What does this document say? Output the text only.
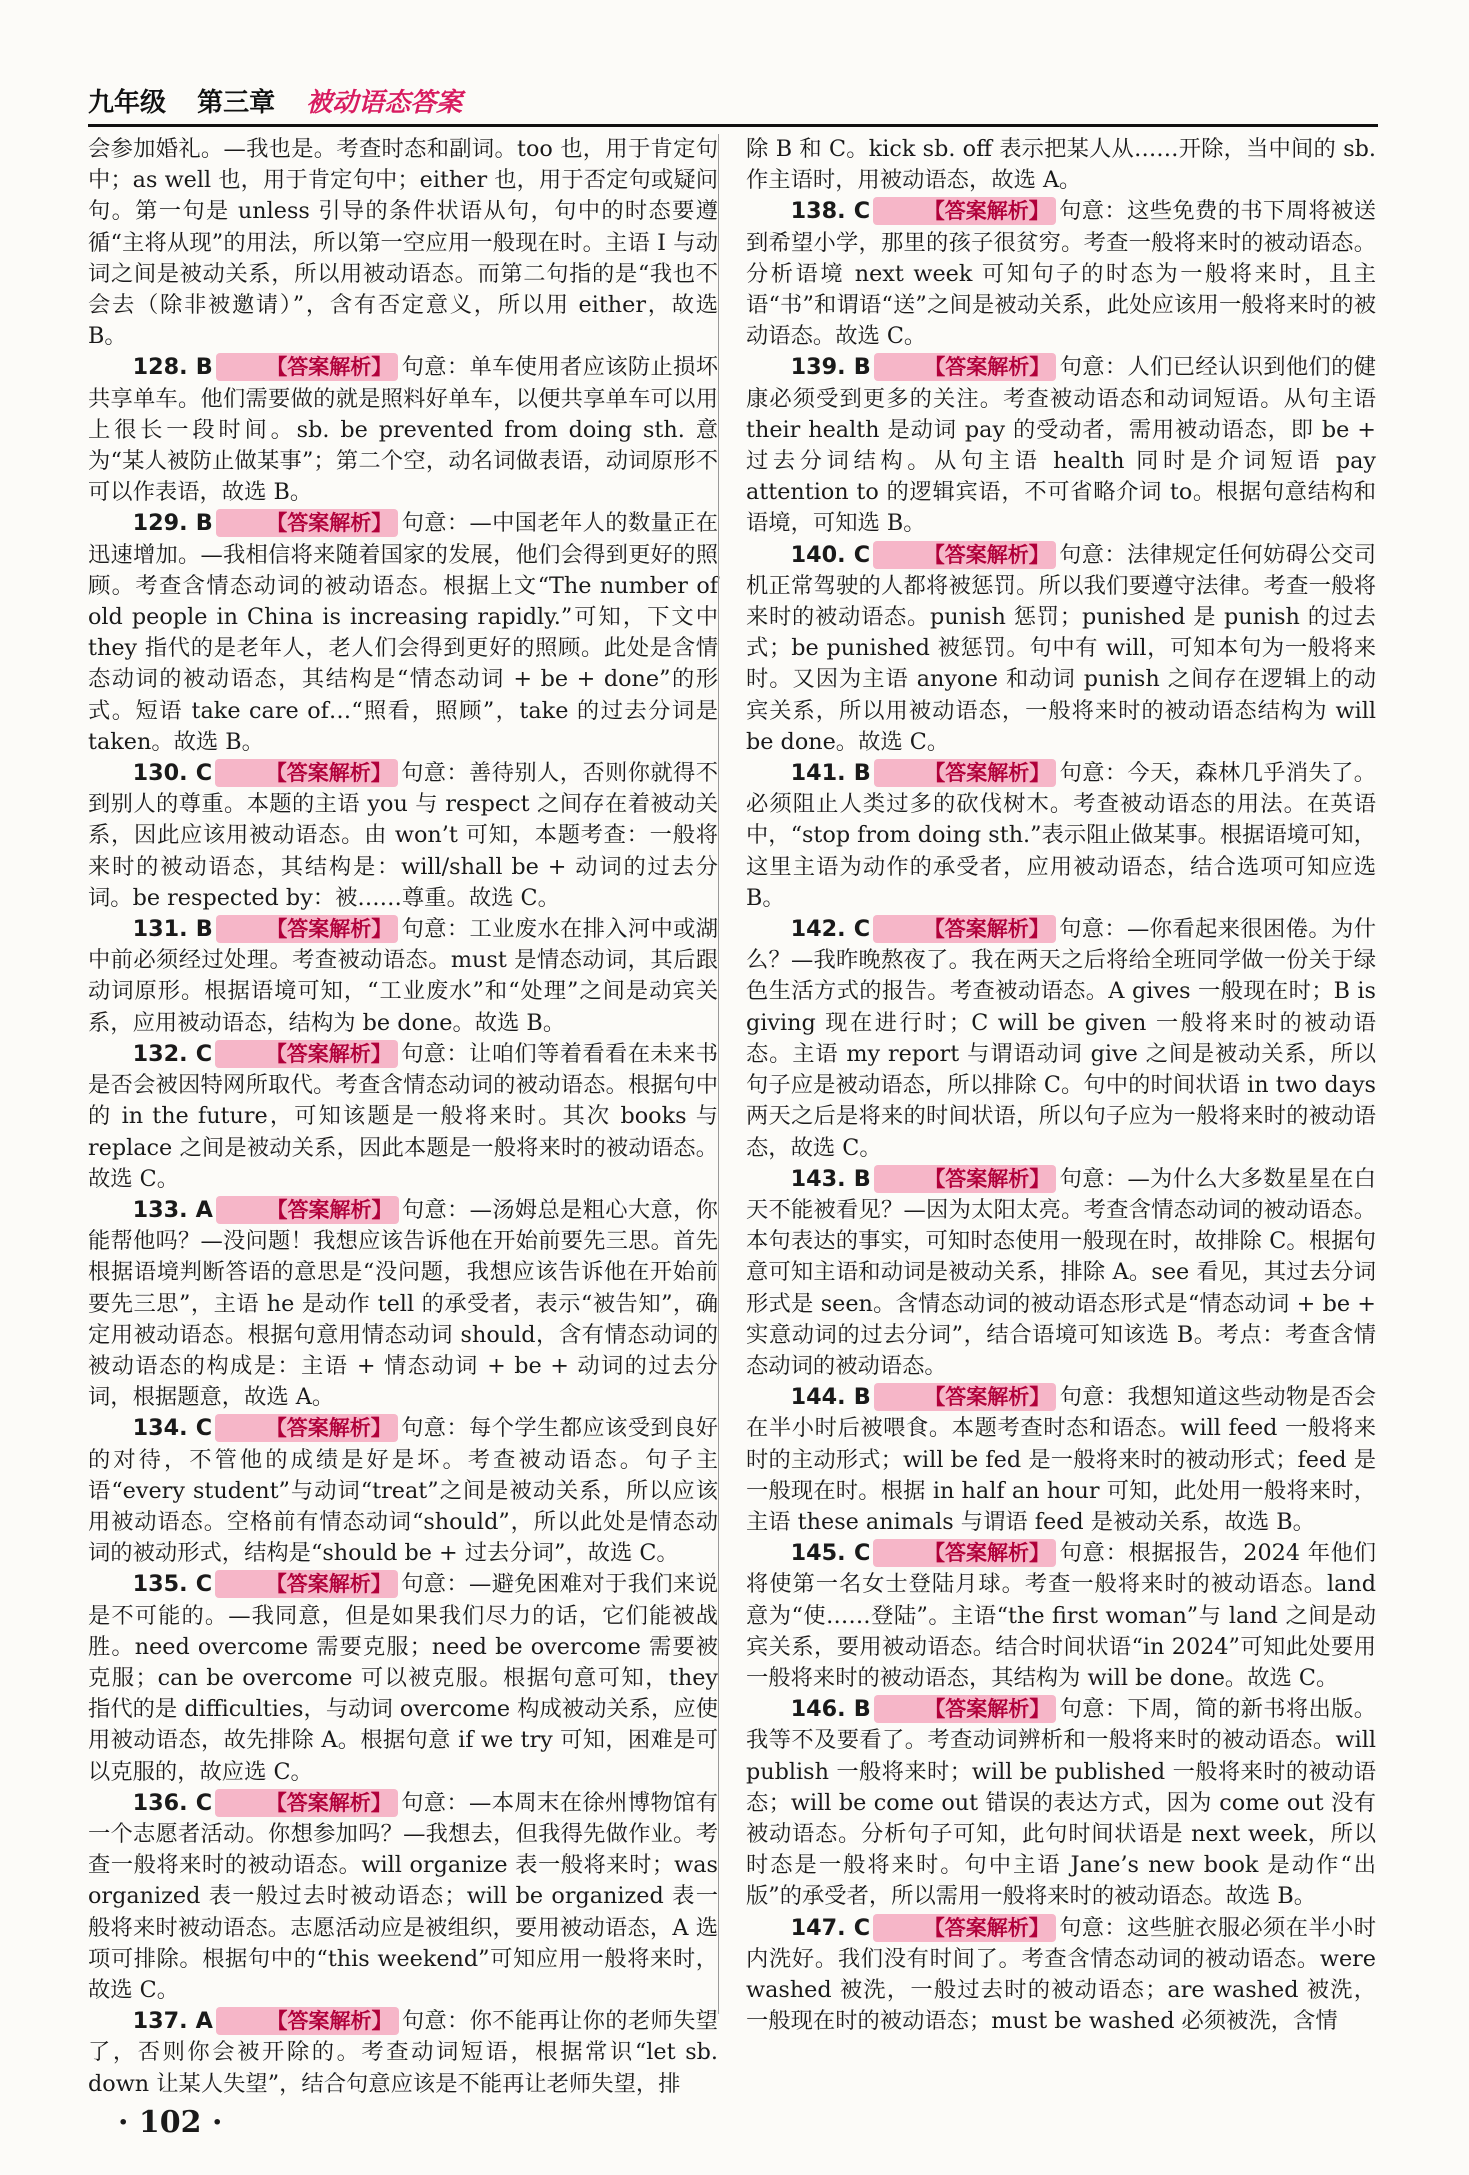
九年级 第三章 被动语态答案

会参加婚礼。—我也是。考查时态和副词。too 也，用于肯定句中；as well 也，用于肯定句中；either 也，用于否定句或疑问句。第一句是 unless 引导的条件状语从句，句中的时态要遵循“主将从现”的用法，所以第一空应用一般现在时。主语 I 与动词之间是被动关系，所以用被动语态。而第二句指的是“我也不会去（除非被邀请）”，含有否定意义，所以用 either，故选 B。

128. B	【答案解析】 句意：单车使用者应该防止损坏共享单车。他们需要做的就是照料好单车，以便共享单车可以用上很长一段时间。sb. be prevented from doing sth. 意为“某人被防止做某事”；第二个空，动名词做表语，动词原形不可以作表语，故选 B。

129. B	【答案解析】 句意：—中国老年人的数量正在迅速增加。—我相信将来随着国家的发展，他们会得到更好的照顾。考查含情态动词的被动语态。根据上文“The number of old people in China is increasing rapidly.”可知，下文中 they 指代的是老年人，老人们会得到更好的照顾。此处是含情态动词的被动语态，其结构是“情态动词 + be + done”的形式。短语 take care of…“照看，照顾”，take 的过去分词是 taken。故选 B。

130. C	【答案解析】 句意：善待别人，否则你就得不到别人的尊重。本题的主语 you 与 respect 之间存在着被动关系，因此应该用被动语态。由 won’t 可知，本题考查：一般将来时的被动语态，其结构是：will/shall be + 动词的过去分词。be respected by：被……尊重。故选 C。

131. B	【答案解析】 句意：工业废水在排入河中或湖中前必须经过处理。考查被动语态。must 是情态动词，其后跟动词原形。根据语境可知，“工业废水”和“处理”之间是动宾关系，应用被动语态，结构为 be done。故选 B。

132. C	【答案解析】 句意：让咱们等着看看在未来书是否会被因特网所取代。考查含情态动词的被动语态。根据句中的 in the future，可知该题是一般将来时。其次 books 与 replace 之间是被动关系，因此本题是一般将来时的被动语态。故选 C。

133. A	【答案解析】 句意：—汤姆总是粗心大意，你能帮他吗？—没问题！我想应该告诉他在开始前要先三思。首先根据语境判断答语的意思是“没问题，我想应该告诉他在开始前要先三思”，主语 he 是动作 tell 的承受者，表示“被告知”，确定用被动语态。根据句意用情态动词 should，含有情态动词的被动语态的构成是：主语 + 情态动词 + be + 动词的过去分词，根据题意，故选 A。

134. C	【答案解析】 句意：每个学生都应该受到良好的对待，不管他的成绩是好是坏。考查被动语态。句子主语“every student”与动词“treat”之间是被动关系，所以应该用被动语态。空格前有情态动词“should”，所以此处是情态动词的被动形式，结构是“should be + 过去分词”，故选 C。

135. C	【答案解析】 句意：—避免困难对于我们来说是不可能的。—我同意，但是如果我们尽力的话，它们能被战胜。need overcome 需要克服；need be overcome 需要被克服；can be overcome 可以被克服。根据句意可知，they 指代的是 difficulties，与动词 overcome 构成被动关系，应使用被动语态，故先排除 A。根据句意 if we try 可知，困难是可以克服的，故应选 C。

136. C	【答案解析】 句意：—本周末在徐州博物馆有一个志愿者活动。你想参加吗？—我想去，但我得先做作业。考查一般将来时的被动语态。will organize 表一般将来时；was organized 表一般过去时被动语态；will be organized 表一般将来时被动语态。志愿活动应是被组织，要用被动语态，A 选项可排除。根据句中的“this weekend”可知应用一般将来时，故选 C。

137. A	【答案解析】 句意：你不能再让你的老师失望了，否则你会被开除的。考查动词短语，根据常识“let sb. down 让某人失望”，结合句意应该是不能再让老师失望，排

除 B 和 C。kick sb. off 表示把某人从……开除，当中间的 sb. 作主语时，用被动语态，故选 A。

138. C	【答案解析】 句意：这些免费的书下周将被送到希望小学，那里的孩子很贫穷。考查一般将来时的被动语态。分析语境 next week 可知句子的时态为一般将来时，且主语“书”和谓语“送”之间是被动关系，此处应该用一般将来时的被动语态。故选 C。

139. B	【答案解析】 句意：人们已经认识到他们的健康必须受到更多的关注。考查被动语态和动词短语。从句主语 their health 是动词 pay 的受动者，需用被动语态，即 be + 过去分词结构。从句主语 health 同时是介词短语 pay attention to 的逻辑宾语，不可省略介词 to。根据句意结构和语境，可知选 B。

140. C	【答案解析】 句意：法律规定任何妨碍公交司机正常驾驶的人都将被惩罚。所以我们要遵守法律。考查一般将来时的被动语态。punish 惩罚；punished 是 punish 的过去式；be punished 被惩罚。句中有 will，可知本句为一般将来时。又因为主语 anyone 和动词 punish 之间存在逻辑上的动宾关系，所以用被动语态，一般将来时的被动语态结构为 will be done。故选 C。

141. B	【答案解析】 句意：今天，森林几乎消失了。必须阻止人类过多的砍伐树木。考查被动语态的用法。在英语中，“stop from doing sth.”表示阻止做某事。根据语境可知，这里主语为动作的承受者，应用被动语态，结合选项可知应选 B。

142. C	【答案解析】 句意：—你看起来很困倦。为什么？—我昨晚熬夜了。我在两天之后将给全班同学做一份关于绿色生活方式的报告。考查被动语态。A gives 一般现在时；B is giving 现在进行时；C will be given 一般将来时的被动语态。主语 my report 与谓语动词 give 之间是被动关系，所以句子应是被动语态，所以排除 C。句中的时间状语 in two days 两天之后是将来的时间状语，所以句子应为一般将来时的被动语态，故选 C。

143. B	【答案解析】 句意：—为什么大多数星星在白天不能被看见？—因为太阳太亮。考查含情态动词的被动语态。本句表达的事实，可知时态使用一般现在时，故排除 C。根据句意可知主语和动词是被动关系，排除 A。see 看见，其过去分词形式是 seen。含情态动词的被动语态形式是“情态动词 + be + 实意动词的过去分词”，结合语境可知该选 B。考点：考查含情态动词的被动语态。

144. B	【答案解析】 句意：我想知道这些动物是否会在半小时后被喂食。本题考查时态和语态。will feed 一般将来时的主动形式；will be fed 是一般将来时的被动形式；feed 是一般现在时。根据 in half an hour 可知，此处用一般将来时，主语 these animals 与谓语 feed 是被动关系，故选 B。

145. C	【答案解析】 句意：根据报告，2024 年他们将使第一名女士登陆月球。考查一般将来时的被动语态。land 意为“使……登陆”。主语“the first woman”与 land 之间是动宾关系，要用被动语态。结合时间状语“in 2024”可知此处要用一般将来时的被动语态，其结构为 will be done。故选 C。

146. B	【答案解析】 句意：下周，简的新书将出版。我等不及要看了。考查动词辨析和一般将来时的被动语态。will publish 一般将来时；will be published 一般将来时的被动语态；will be come out 错误的表达方式，因为 come out 没有被动语态。分析句子可知，此句时间状语是 next week，所以时态是一般将来时。句中主语 Jane’s new book 是动作“出版”的承受者，所以需用一般将来时的被动语态。故选 B。

147. C	【答案解析】 句意：这些脏衣服必须在半小时内洗好。我们没有时间了。考查含情态动词的被动语态。were washed 被洗，一般过去时的被动语态；are washed 被洗，一般现在时的被动语态；must be washed 必须被洗，含情

· 102 ·
